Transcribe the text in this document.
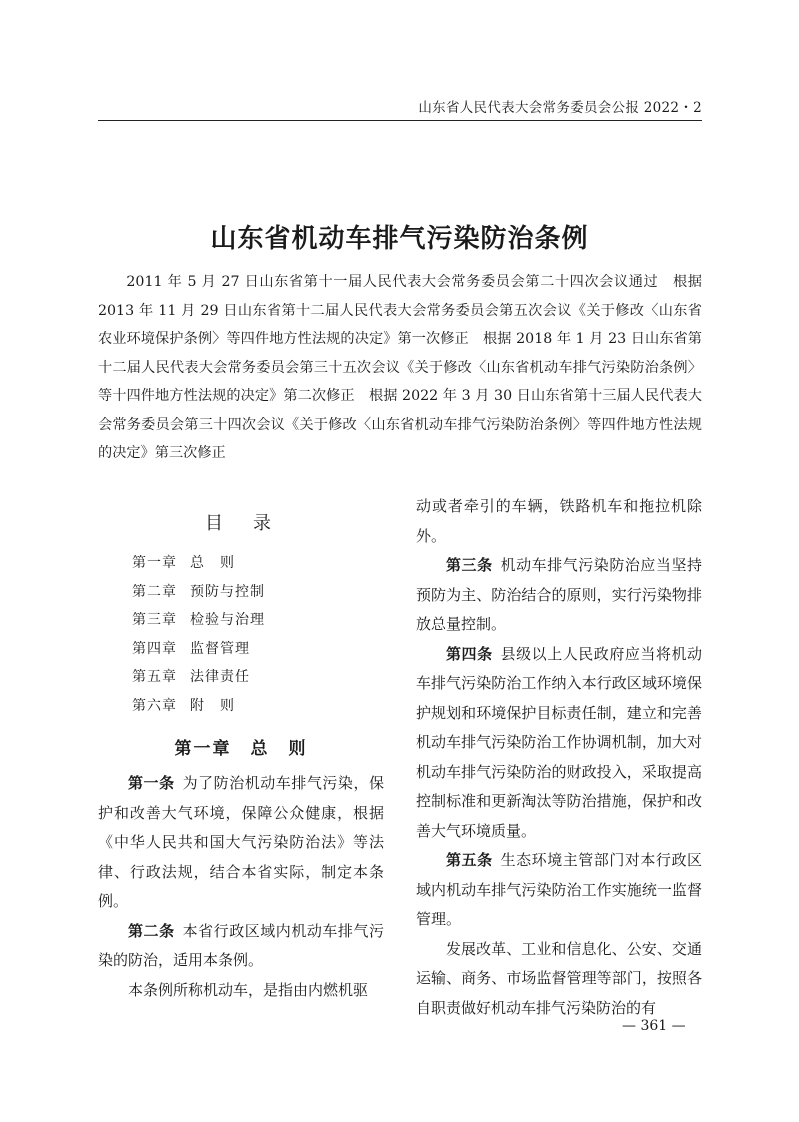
山东省人民代表大会常务委员会公报 2022・2
山东省机动车排气污染防治条例

2011 年 5 月 27 日山东省第十一届人民代表大会常务委员会第二十四次会议通过　根据 2013 年 11 月 29 日山东省第十二届人民代表大会常务委员会第五次会议《关于修改〈山东省农业环境保护条例〉等四件地方性法规的决定》第一次修正　根据 2018 年 1 月 23 日山东省第十二届人民代表大会常务委员会第三十五次会议《关于修改〈山东省机动车排气污染防治条例〉等十四件地方性法规的决定》第二次修正　根据 2022 年 3 月 30 日山东省第十三届人民代表大会常务委员会第三十四次会议《关于修改〈山东省机动车排气污染防治条例〉等四件地方性法规的决定》第三次修正

目　录
第一章 总　则
第二章 预防与控制
第三章 检验与治理
第四章 监督管理
第五章 法律责任
第六章 附　则
第一章　总　则

第一条 为了防治机动车排气污染，保护和改善大气环境，保障公众健康，根据《中华人民共和国大气污染防治法》等法律、行政法规，结合本省实际，制定本条例。

第二条 本省行政区域内机动车排气污染的防治，适用本条例。

本条例所称机动车，是指由内燃机驱

动或者牵引的车辆，铁路机车和拖拉机除外。

第三条 机动车排气污染防治应当坚持预防为主、防治结合的原则，实行污染物排放总量控制。

第四条 县级以上人民政府应当将机动车排气污染防治工作纳入本行政区域环境保护规划和环境保护目标责任制，建立和完善机动车排气污染防治工作协调机制，加大对机动车排气污染防治的财政投入，采取提高控制标准和更新淘汰等防治措施，保护和改善大气环境质量。

第五条 生态环境主管部门对本行政区域内机动车排气污染防治工作实施统一监督管理。

发展改革、工业和信息化、公安、交通运输、商务、市场监督管理等部门，按照各自职责做好机动车排气污染防治的有

— 361 —
